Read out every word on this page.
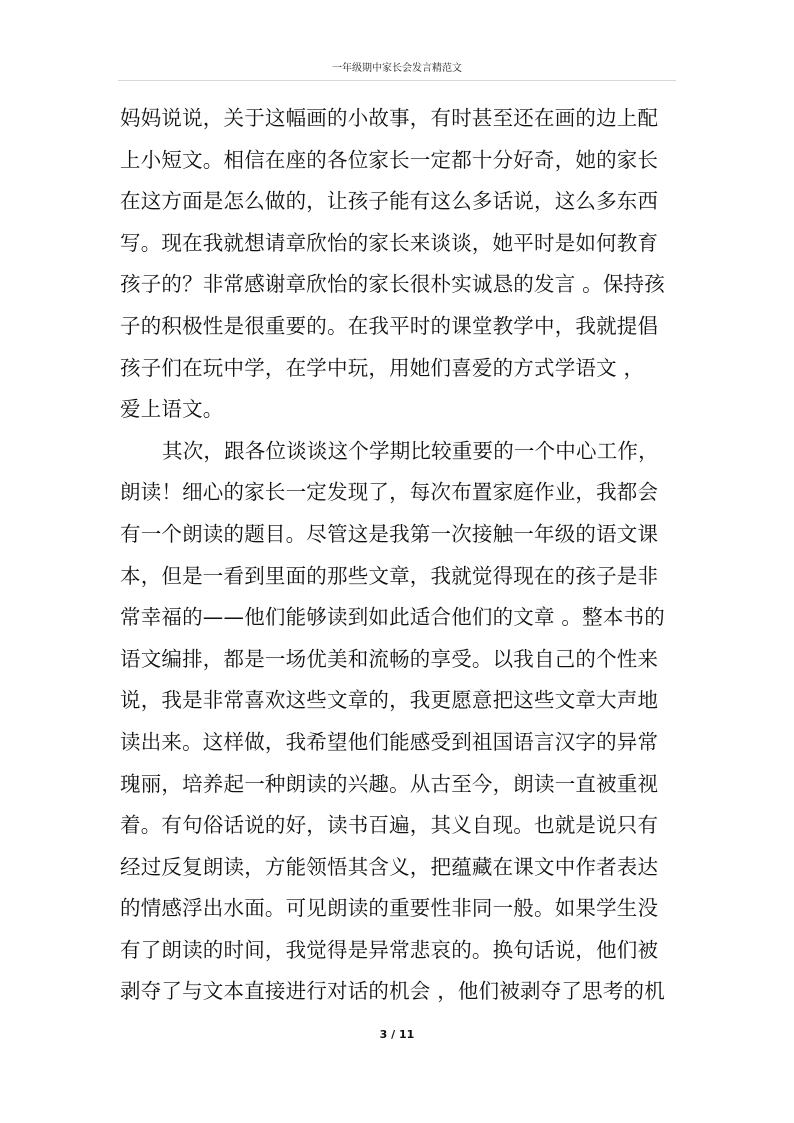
一年级期中家长会发言精范文
妈妈说说，关于这幅画的小故事，有时甚至还在画的边上配
上小短文。相信在座的各位家长一定都十分好奇，她的家长
在这方面是怎么做的，让孩子能有这么多话说，这么多东西
写。现在我就想请章欣怡的家长来谈谈，她平时是如何教育
孩子的？非常感谢章欣怡的家长很朴实诚恳的发言 。保持孩
子的积极性是很重要的。在我平时的课堂教学中，我就提倡
孩子们在玩中学，在学中玩，用她们喜爱的方式学语文 ，
爱上语文。
其次，跟各位谈谈这个学期比较重要的一个中心工作，
朗读！细心的家长一定发现了，每次布置家庭作业，我都会
有一个朗读的题目。尽管这是我第一次接触一年级的语文课
本，但是一看到里面的那些文章，我就觉得现在的孩子是非
常幸福的——他们能够读到如此适合他们的文章 。整本书的
语文编排，都是一场优美和流畅的享受。以我自己的个性来
说，我是非常喜欢这些文章的，我更愿意把这些文章大声地
读出来。这样做，我希望他们能感受到祖国语言汉字的异常
瑰丽，培养起一种朗读的兴趣。从古至今，朗读一直被重视
着。有句俗话说的好，读书百遍，其义自现。也就是说只有
经过反复朗读，方能领悟其含义，把蕴藏在课文中作者表达
的情感浮出水面。可见朗读的重要性非同一般。如果学生没
有了朗读的时间，我觉得是异常悲哀的。换句话说，他们被
剥夺了与文本直接进行对话的机会 ，他们被剥夺了思考的机
3 / 11
